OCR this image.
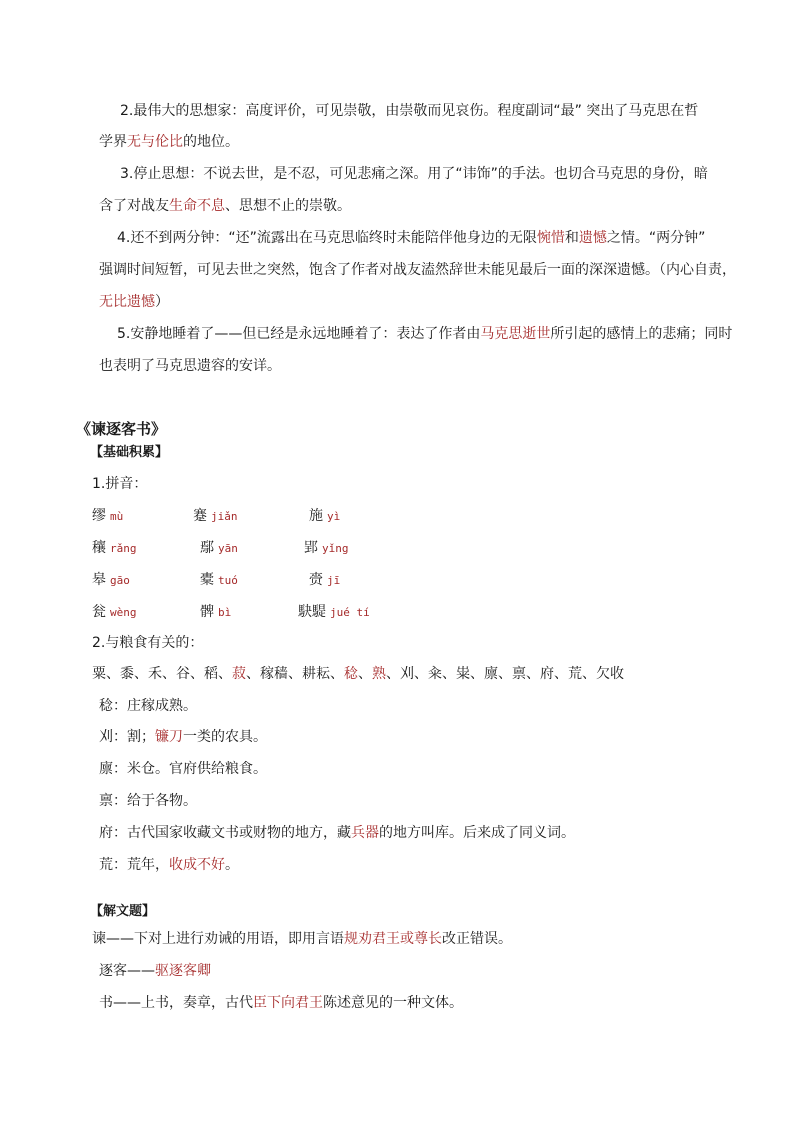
2.最伟大的思想家：高度评价，可见崇敬，由崇敬而见哀伤。程度副词“最” 突出了马克思在哲
学界无与伦比的地位。
3.停止思想：不说去世，是不忍，可见悲痛之深。用了“讳饰”的手法。也切合马克思的身份，暗
含了对战友生命不息、思想不止的崇敬。
4.还不到两分钟：“还”流露出在马克思临终时未能陪伴他身边的无限惋惜和遗憾之情。“两分钟”
强调时间短暂，可见去世之突然，饱含了作者对战友溘然辞世未能见最后一面的深深遗憾。（内心自责，
无比遗憾）
5.安静地睡着了——但已经是永远地睡着了：表达了作者由马克思逝世所引起的感情上的悲痛；同时
也表明了马克思遗容的安详。
《谏逐客书》
【基础积累】
1.拼音：
缪 mù	蹇 jiǎn	施 yì
穰 rǎng	鄢 yān	郢 yǐng
皋 gāo	橐 tuó	赍 jī
瓮 wèng	髀 bì	駃騠 jué tí
2.与粮食有关的：
粟、黍、禾、谷、稻、菽、稼穑、耕耘、稔、熟、刈、籴、粜、廪、禀、府、荒、欠收
稔：庄稼成熟。
刈：割；镰刀一类的农具。
廪：米仓。官府供给粮食。
禀：给于各物。
府：古代国家收藏文书或财物的地方，藏兵器的地方叫库。后来成了同义词。
荒：荒年，收成不好。
【解文题】
谏——下对上进行劝诫的用语，即用言语规劝君王或尊长改正错误。
逐客——驱逐客卿
书——上书，奏章，古代臣下向君王陈述意见的一种文体。
